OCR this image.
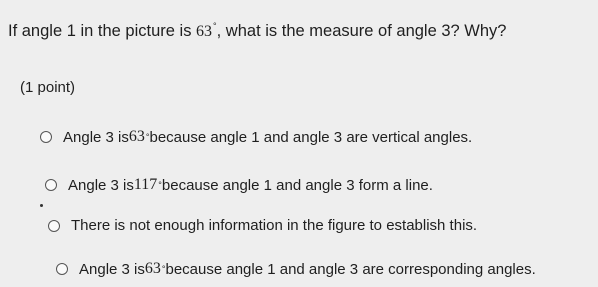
If angle 1 in the picture is 63°, what is the measure of angle 3? Why?
(1 point)
Angle 3 is 63 ° because angle 1 and angle 3 are vertical angles.
Angle 3 is 117 ° because angle 1 and angle 3 form a line.
There is not enough information in the figure to establish this.
Angle 3 is 63 ° because angle 1 and angle 3 are corresponding angles.
